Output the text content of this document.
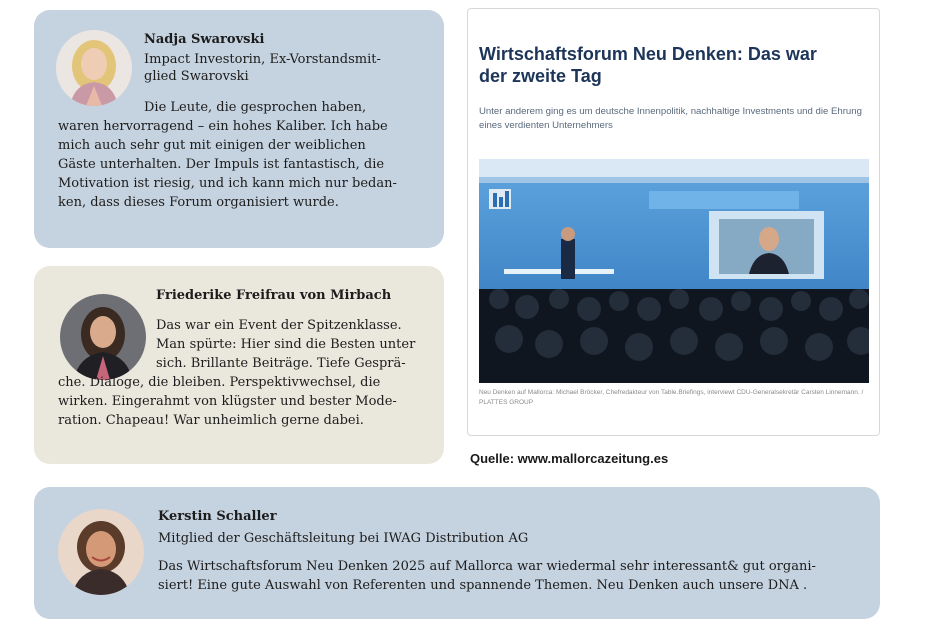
Nadja Swarovski
Impact Investorin, Ex-Vorstandsmit-
glied Swarovski
Die Leute, die gesprochen haben,
waren hervorragend – ein hohes Kaliber. Ich habe
mich auch sehr gut mit einigen der weiblichen
Gäste unterhalten. Der Impuls ist fantastisch, die
Motivation ist riesig, und ich kann mich nur bedan-
ken, dass dieses Forum organisiert wurde.
Friederike Freifrau von Mirbach
Das war ein Event der Spitzenklasse.
Man spürte: Hier sind die Besten unter
sich. Brillante Beiträge. Tiefe Gesprä-
che. Dialoge, die bleiben. Perspektivwechsel, die
wirken. Eingerahmt von klügster und bester Mode-
ration. Chapeau! War unheimlich gerne dabei.
Kerstin Schaller
Mitglied der Geschäftsleitung bei IWAG Distribution AG
Das Wirtschaftsforum Neu Denken 2025 auf Mallorca war wiedermal sehr interessant& gut organi-
siert! Eine gute Auswahl von Referenten und spannende Themen. Neu Denken auch unsere DNA .
Wirtschaftsforum Neu Denken: Das war der zweite Tag
Unter anderem ging es um deutsche Innenpolitik, nachhaltige Investments und die Ehrung eines verdienten Unternehmers
Neu Denken auf Mallorca: Michael Bröcker, Chefredakteur von Table.Briefings, interviewt CDU-Generalsekretär Carsten Linnemann. / PLATTES GROUP
Quelle: www.mallorcazeitung.es
